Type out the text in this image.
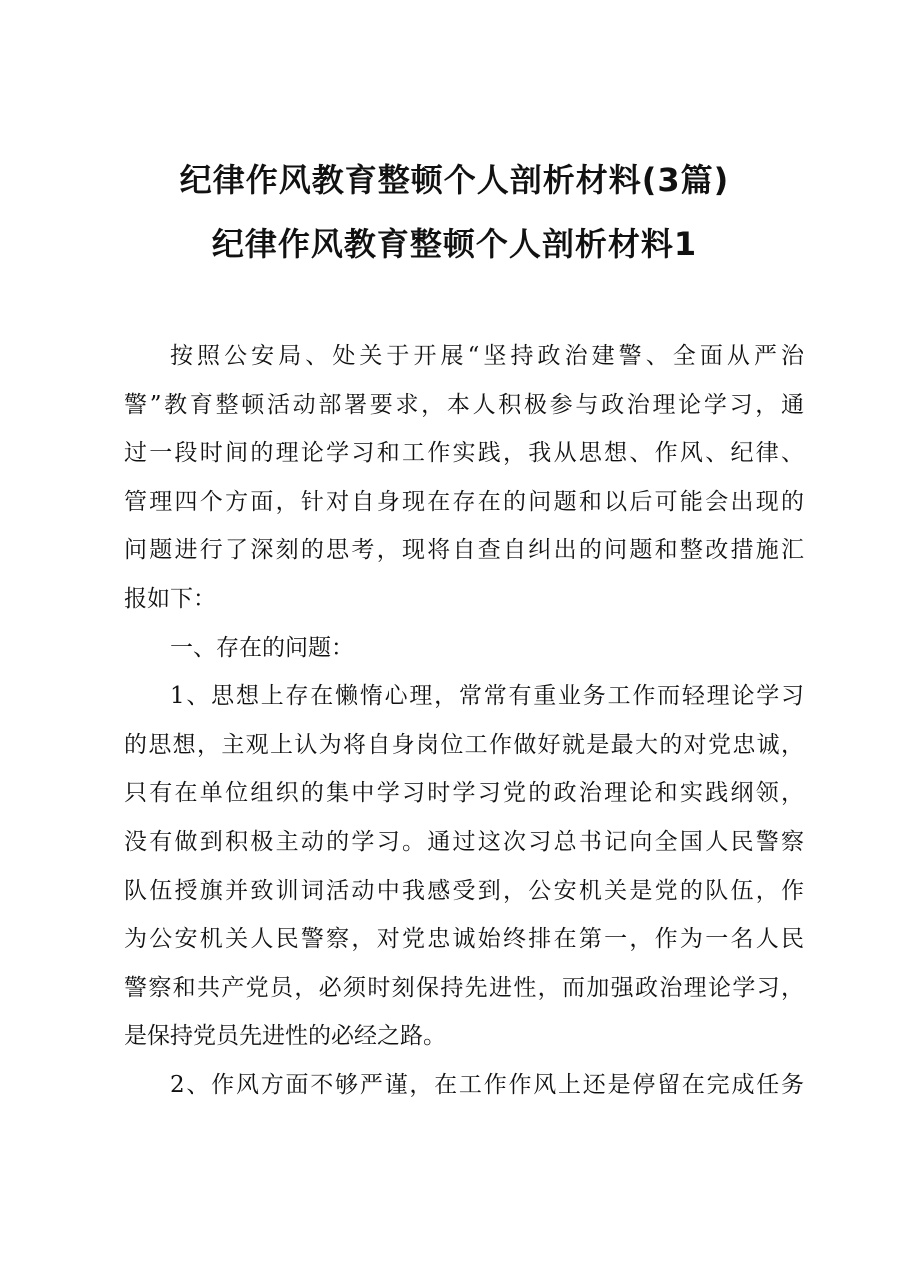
纪律作风教育整顿个人剖析材料(3篇)
纪律作风教育整顿个人剖析材料1
按照公安局、处关于开展“坚持政治建警、全面从严治
警”教育整顿活动部署要求，本人积极参与政治理论学习，通
过一段时间的理论学习和工作实践，我从思想、作风、纪律、
管理四个方面，针对自身现在存在的问题和以后可能会出现的
问题进行了深刻的思考，现将自查自纠出的问题和整改措施汇
报如下：
一、存在的问题：
1、思想上存在懒惰心理，常常有重业务工作而轻理论学习
的思想，主观上认为将自身岗位工作做好就是最大的对党忠诚，
只有在单位组织的集中学习时学习党的政治理论和实践纲领，
没有做到积极主动的学习。通过这次习总书记向全国人民警察
队伍授旗并致训词活动中我感受到，公安机关是党的队伍，作
为公安机关人民警察，对党忠诚始终排在第一，作为一名人民
警察和共产党员，必须时刻保持先进性，而加强政治理论学习，
是保持党员先进性的必经之路。
2、作风方面不够严谨，在工作作风上还是停留在完成任务
